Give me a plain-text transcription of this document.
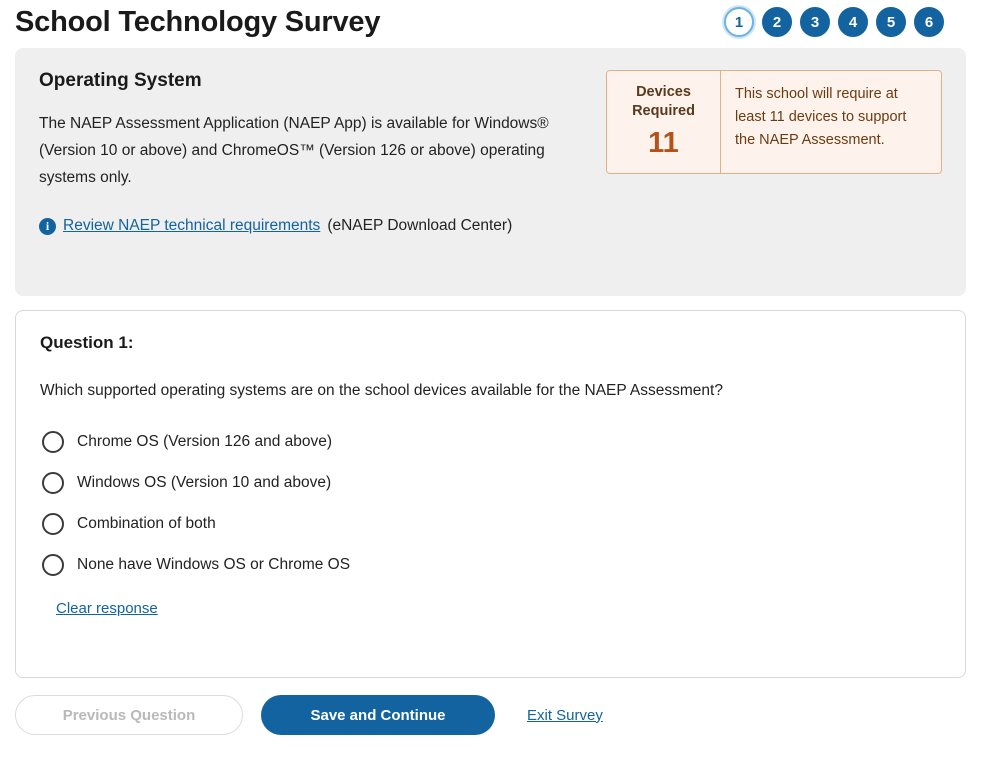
School Technology Survey	1	2	3	4	5	6
Operating System

The NAEP Assessment Application (NAEP App) is available for Windows® (Version 10 or above) and ChromeOS™ (Version 126 or above) operating systems only.

i Review NAEP technical requirements (eNAEP Download Center)
Devices Required
11
This school will require at least 11 devices to support the NAEP Assessment.
Question 1:
Which supported operating systems are on the school devices available for the NAEP Assessment?
Chrome OS (Version 126 and above)
Windows OS (Version 10 and above)
Combination of both
None have Windows OS or Chrome OS
Clear response
Previous Question	Save and Continue	Exit Survey
